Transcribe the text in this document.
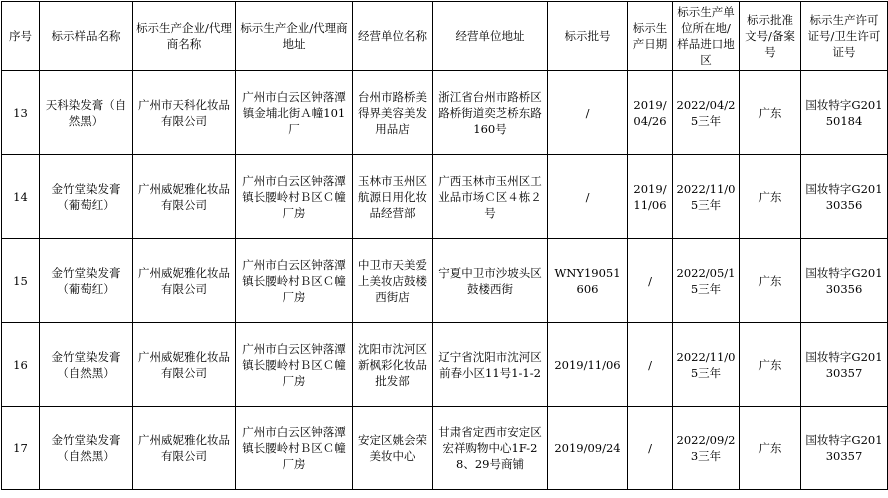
序号	标示样品名称	标示生产企业/代理商名称	标示生产企业/代理商地址	经营单位名称	经营单位地址	标示批号	标示生产日期	标示生产单位所在地/样品进口地区	标示批准文号/备案号	标示生产许可证号/卫生许可证号
13	天科染发膏（自然黑）	广州市天科化妆品有限公司	广州市白云区钟落潭镇金埔北街Ａ幢101厂	台州市路桥美得界美容美发用品店	浙江省台州市路桥区路桥街道奕芝桥东路160号	/	2019/04/26	2022/04/25三年	广东	国妆特字G20150184
14	金竹堂染发膏（葡萄红）	广州威妮雅化妆品有限公司	广州市白云区钟落潭镇长腰岭村Ｂ区Ｃ幢厂房	玉林市玉州区航源日用化妆品经营部	广西玉林市玉州区工业品市场Ｃ区４栋２号	/	2019/11/06	2022/11/05三年	广东	国妆特字G20130356
15	金竹堂染发膏（葡萄红）	广州威妮雅化妆品有限公司	广州市白云区钟落潭镇长腰岭村Ｂ区Ｃ幢厂房	中卫市天美爱上美妆店鼓楼西街店	宁夏中卫市沙坡头区鼓楼西街	WNY19051606	/	2022/05/15三年	广东	国妆特字G20130356
16	金竹堂染发膏（自然黑）	广州威妮雅化妆品有限公司	广州市白云区钟落潭镇长腰岭村Ｂ区Ｃ幢厂房	沈阳市沈河区新枫彩化妆品批发部	辽宁省沈阳市沈河区前春小区11号1-1-2	2019/11/06	/	2022/11/05三年	广东	国妆特字G20130357
17	金竹堂染发膏（自然黑）	广州威妮雅化妆品有限公司	广州市白云区钟落潭镇长腰岭村Ｂ区Ｃ幢厂房	安定区姚会荣美妆中心	甘肃省定西市安定区宏祥购物中心1F-28、29号商铺	2019/09/24	/	2022/09/23三年	广东	国妆特字G20130357
